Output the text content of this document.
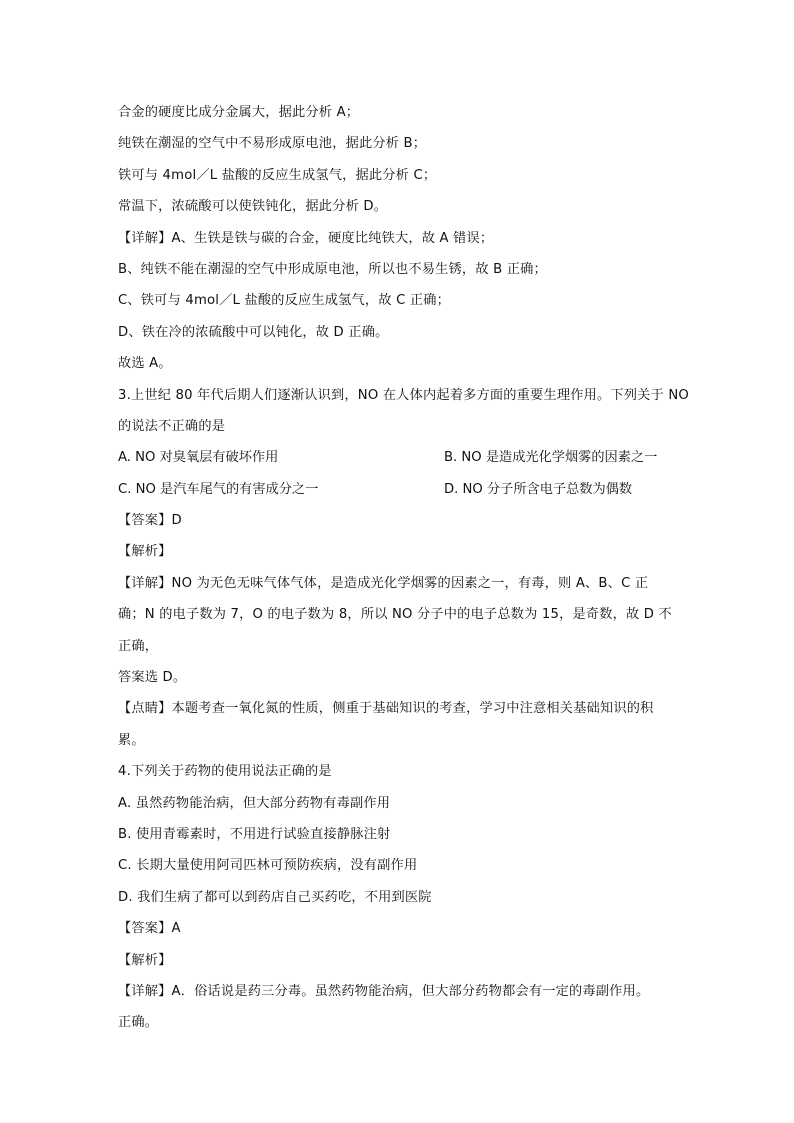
合金的硬度比成分金属大，据此分析 A；
纯铁在潮湿的空气中不易形成原电池，据此分析 B；
铁可与 4mol／L 盐酸的反应生成氢气，据此分析 C；
常温下，浓硫酸可以使铁钝化，据此分析 D。
【详解】A、生铁是铁与碳的合金，硬度比纯铁大，故 A 错误；
B、纯铁不能在潮湿的空气中形成原电池，所以也不易生锈，故 B 正确；
C、铁可与 4mol／L 盐酸的反应生成氢气，故 C 正确；
D、铁在冷的浓硫酸中可以钝化，故 D 正确。
故选 A。
3.上世纪 80 年代后期人们逐渐认识到，NO 在人体内起着多方面的重要生理作用。下列关于 NO
的说法不正确的是
A. NO 对臭氧层有破坏作用	B. NO 是造成光化学烟雾的因素之一
C. NO 是汽车尾气的有害成分之一	D. NO 分子所含电子总数为偶数
【答案】D
【解析】
【详解】NO 为无色无味气体气体，是造成光化学烟雾的因素之一，有毒，则 A、B、C 正
确；N 的电子数为 7，O 的电子数为 8，所以 NO 分子中的电子总数为 15，是奇数，故 D 不
正确，
答案选 D。
【点睛】本题考查一氧化氮的性质，侧重于基础知识的考查，学习中注意相关基础知识的积
累。
4.下列关于药物的使用说法正确的是
A. 虽然药物能治病，但大部分药物有毒副作用
B. 使用青霉素时，不用进行试验直接静脉注射
C. 长期大量使用阿司匹林可预防疾病，没有副作用
D. 我们生病了都可以到药店自己买药吃，不用到医院
【答案】A
【解析】
【详解】A．俗话说是药三分毒。虽然药物能治病，但大部分药物都会有一定的毒副作用。
正确。
